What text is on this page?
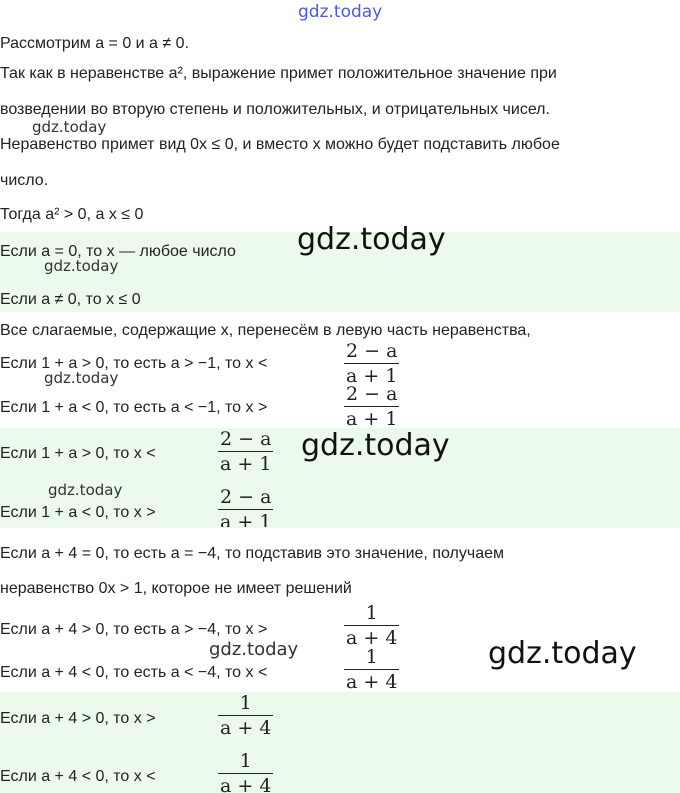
Рассмотрим a = 0 и a ≠ 0.
Так как в неравенстве a², выражение примет положительное значение при
возведении во вторую степень и положительных, и отрицательных чисел.
Неравенство примет вид 0x ≤ 0, и вместо x можно будет подставить любое
число.
Тогда a² > 0, а x ≤ 0
Если a = 0, то x — любое число
Если a ≠ 0, то x ≤ 0
Все слагаемые, содержащие x, перенесём в левую часть неравенства,
Если 1 + a > 0, то есть a > −1, то x <
2 − a
a + 1
Если 1 + a < 0, то есть a < −1, то x >
2 − a
a + 1
Если 1 + a > 0, то x <
2 − a
a + 1
Если 1 + a < 0, то x >
2 − a
a + 1
Если a + 4 = 0, то есть a = −4, то подставив это значение, получаем
неравенство 0x > 1, которое не имеет решений
Если a + 4 > 0, то есть a > −4, то x >
1
a + 4
Если a + 4 < 0, то есть a < −4, то x <
1
a + 4
Если a + 4 > 0, то x >
1
a + 4
Если a + 4 < 0, то x <
1
a + 4
gdz.today
gdz.today
gdz.today
gdz.today
gdz.today
gdz.today
gdz.today
gdz.today	gdz.today
